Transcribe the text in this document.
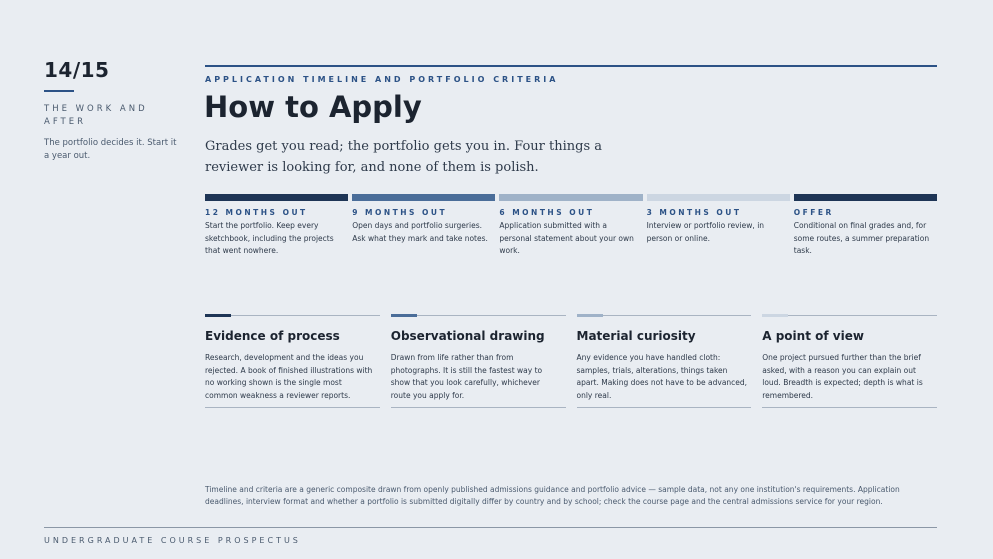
14/15
THE WORK AND AFTER
The portfolio decides it. Start it a year out.
APPLICATION TIMELINE AND PORTFOLIO CRITERIA
How to Apply
Grades get you read; the portfolio gets you in. Four things a reviewer is looking for, and none of them is polish.
12 MONTHS OUT
Start the portfolio. Keep every sketchbook, including the projects that went nowhere.
9 MONTHS OUT
Open days and portfolio surgeries. Ask what they mark and take notes.
6 MONTHS OUT
Application submitted with a personal statement about your own work.
3 MONTHS OUT
Interview or portfolio review, in person or online.
OFFER
Conditional on final grades and, for some routes, a summer preparation task.
Evidence of process
Research, development and the ideas you rejected. A book of finished illustrations with no working shown is the single most common weakness a reviewer reports.
Observational drawing
Drawn from life rather than from photographs. It is still the fastest way to show that you look carefully, whichever route you apply for.
Material curiosity
Any evidence you have handled cloth: samples, trials, alterations, things taken apart. Making does not have to be advanced, only real.
A point of view
One project pursued further than the brief asked, with a reason you can explain out loud. Breadth is expected; depth is what is remembered.
Timeline and criteria are a generic composite drawn from openly published admissions guidance and portfolio advice — sample data, not any one institution's requirements. Application deadlines, interview format and whether a portfolio is submitted digitally differ by country and by school; check the course page and the central admissions service for your region.
UNDERGRADUATE COURSE PROSPECTUS
